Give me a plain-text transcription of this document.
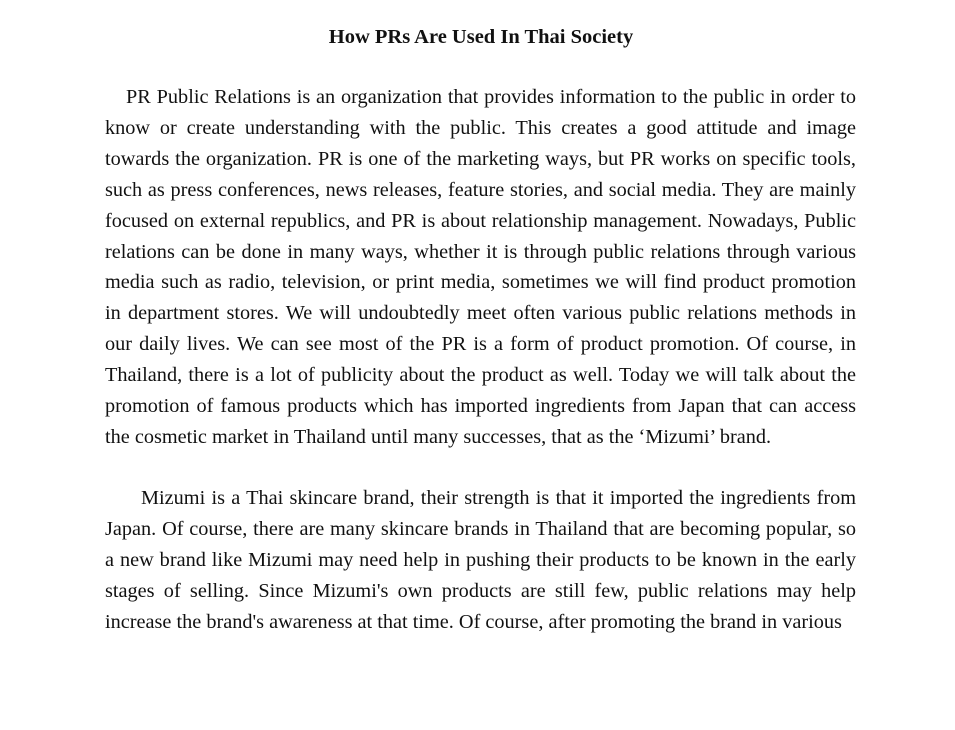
How PRs Are Used In Thai Society

PR Public Relations is an organization that provides information to the public in order to know or create understanding with the public. This creates a good attitude and image towards the organization. PR is one of the marketing ways, but PR works on specific tools, such as press conferences, news releases, feature stories, and social media. They are mainly focused on external republics, and PR is about relationship management. Nowadays, Public relations can be done in many ways, whether it is through public relations through various media such as radio, television, or print media, sometimes we will find product promotion in department stores. We will undoubtedly meet often various public relations methods in our daily lives. We can see most of the PR is a form of product promotion. Of course, in Thailand, there is a lot of publicity about the product as well. Today we will talk about the promotion of famous products which has imported ingredients from Japan that can access the cosmetic market in Thailand until many successes, that as the ‘Mizumi’ brand.

Mizumi is a Thai skincare brand, their strength is that it imported the ingredients from Japan. Of course, there are many skincare brands in Thailand that are becoming popular, so a new brand like Mizumi may need help in pushing their products to be known in the early stages of selling. Since Mizumi's own products are still few, public relations may help increase the brand's awareness at that time. Of course, after promoting the brand in various
